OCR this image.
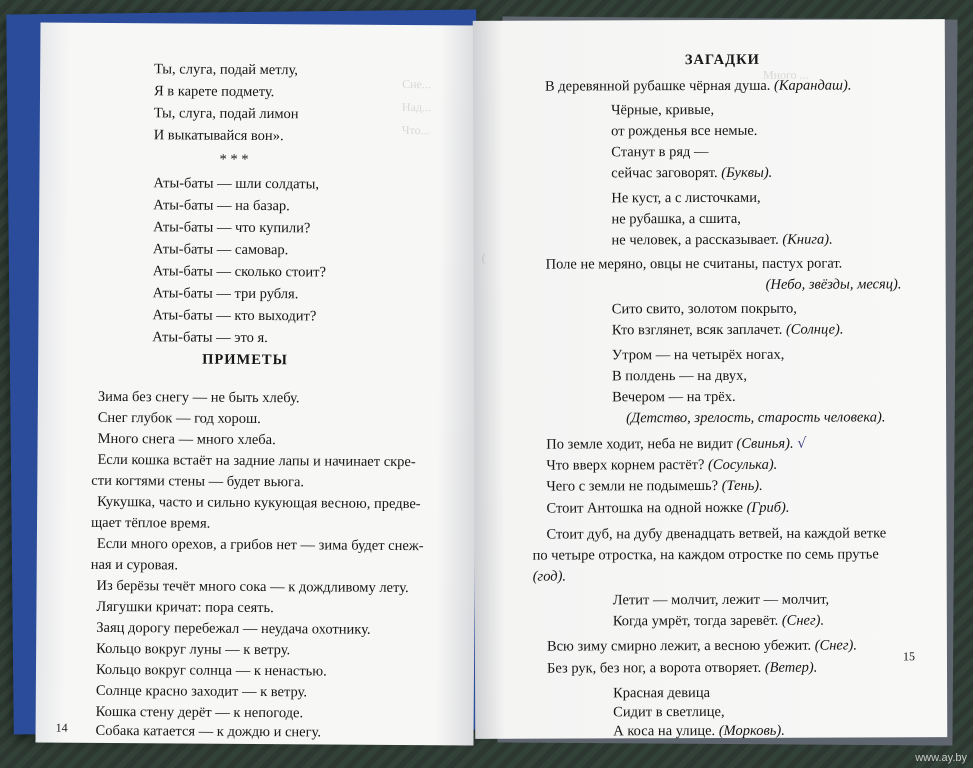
Сне...
Над...
Что...
Ты, слуга, подай метлу,
Я в карете подмету.
Ты, слуга, подай лимон
И выкатывайся вон».
* * *
Аты-баты — шли солдаты,
Аты-баты — на базар.
Аты-баты — что купили?
Аты-баты — самовар.
Аты-баты — сколько стоит?
Аты-баты — три рубля.
Аты-баты — кто выходит?
Аты-баты — это я.
ПРИМЕТЫ
Зима без снегу — не быть хлебу.
Снег глубок — год хорош.
Много снега — много хлеба.
Если кошка встаёт на задние лапы и начинает скре-
сти когтями стены — будет вьюга.
Кукушка, часто и сильно кукующая весною, предве-
щает тёплое время.
Если много орехов, а грибов нет — зима будет снеж-
ная и суровая.
Из берёзы течёт много сока — к дождливому лету.
Лягушки кричат: пора сеять.
Заяц дорогу перебежал — неудача охотнику.
Кольцо вокруг луны — к ветру.
Кольцо вокруг солнца — к ненастью.
Солнце красно заходит — к ветру.
Кошка стену дерёт — к непогоде.
Собака катается — к дождю и снегу.
14
Много ...
(
ЗАГАДКИ
В деревянной рубашке чёрная душа. (Карандаш).
Чёрные, кривые,
от рожденья все немые.
Станут в ряд —
сейчас заговорят. (Буквы).
Не куст, а с листочками,
не рубашка, а сшита,
не человек, а рассказывает. (Книга).
Поле не меряно, овцы не считаны, пастух рогат.
(Небо, звёзды, месяц).
Сито свито, золотом покрыто,
Кто взглянет, всяк заплачет. (Солнце).
Утром — на четырёх ногах,
В полдень — на двух,
Вечером — на трёх.
(Детство, зрелость, старость человека).
По земле ходит, неба не видит (Свинья). √
Что вверх корнем растёт? (Сосулька).
Чего с земли не подымешь? (Тень).
Стоит Антошка на одной ножке (Гриб).
Стоит дуб, на дубу двенадцать ветвей, на каждой ветке
по четыре отростка, на каждом отростке по семь прутье
(год).
Летит — молчит, лежит — молчит,
Когда умрёт, тогда заревёт. (Снег).
Всю зиму смирно лежит, а весною убежит. (Снег).
Без рук, без ног, а ворота отворяет. (Ветер).
Красная девица
Сидит в светлице,
15
А коса на улице. (Морковь).
www.ay.by
